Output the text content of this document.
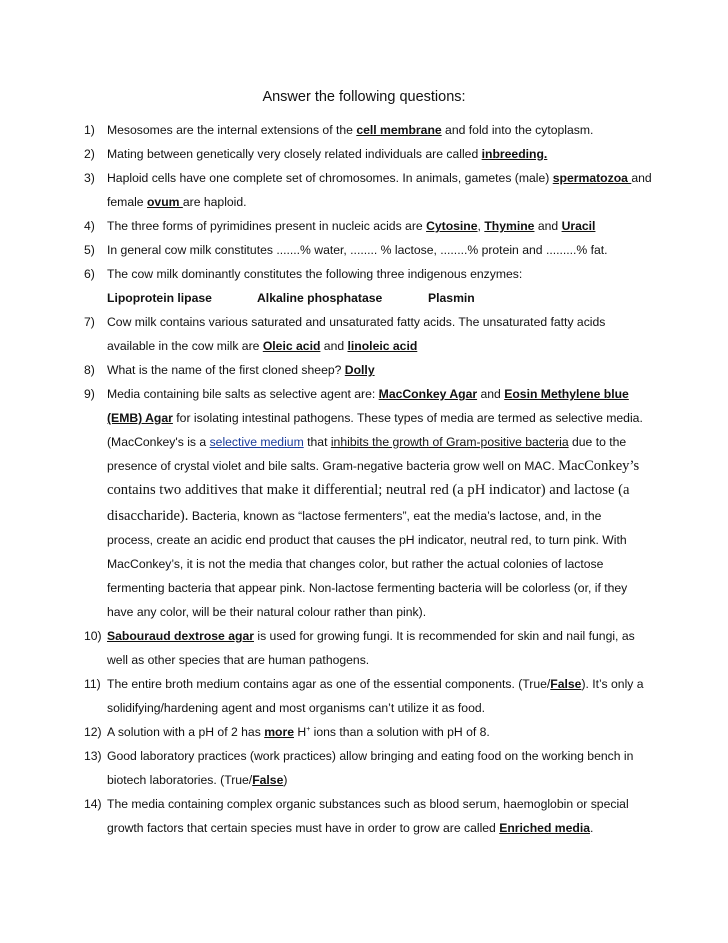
Answer the following questions:
1) Mesosomes are the internal extensions of the cell membrane and fold into the cytoplasm.
2) Mating between genetically very closely related individuals are called inbreeding.
3) Haploid cells have one complete set of chromosomes. In animals, gametes (male) spermatozoa and
female ovum are haploid.
4) The three forms of pyrimidines present in nucleic acids are Cytosine, Thymine and Uracil
5) In general cow milk constitutes .......% water, ........ % lactose, ........% protein and .........% fat.
6) The cow milk dominantly constitutes the following three indigenous enzymes:
Lipoprotein lipase	Alkaline phosphatase	Plasmin
7) Cow milk contains various saturated and unsaturated fatty acids. The unsaturated fatty acids
available in the cow milk are Oleic acid and linoleic acid
8) What is the name of the first cloned sheep? Dolly
9) Media containing bile salts as selective agent are: MacConkey Agar and Eosin Methylene blue
(EMB) Agar for isolating intestinal pathogens. These types of media are termed as selective media.
(MacConkey's is a selective medium that inhibits the growth of Gram-positive bacteria due to the
presence of crystal violet and bile salts. Gram-negative bacteria grow well on MAC. MacConkey’s
contains two additives that make it differential; neutral red (a pH indicator) and lactose (a
disaccharide). Bacteria, known as “lactose fermenters”, eat the media’s lactose, and, in the
process, create an acidic end product that causes the pH indicator, neutral red, to turn pink. With
MacConkey’s, it is not the media that changes color, but rather the actual colonies of lactose
fermenting bacteria that appear pink. Non-lactose fermenting bacteria will be colorless (or, if they
have any color, will be their natural colour rather than pink).
10) Sabouraud dextrose agar is used for growing fungi. It is recommended for skin and nail fungi, as
well as other species that are human pathogens.
11) The entire broth medium contains agar as one of the essential components. (True/False). It’s only a
solidifying/hardening agent and most organisms can’t utilize it as food.
12) A solution with a pH of 2 has more H+ ions than a solution with pH of 8.
13) Good laboratory practices (work practices) allow bringing and eating food on the working bench in
biotech laboratories. (True/False)
14) The media containing complex organic substances such as blood serum, haemoglobin or special
growth factors that certain species must have in order to grow are called Enriched media.
